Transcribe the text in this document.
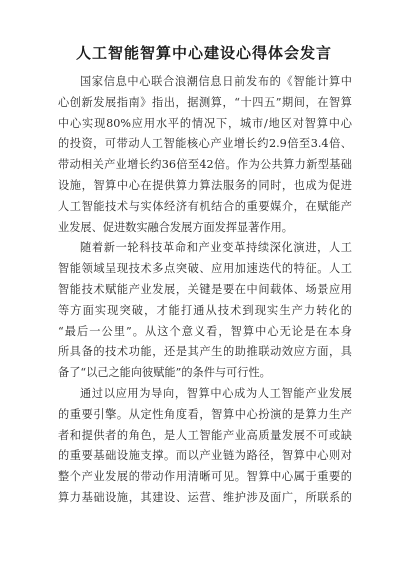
人工智能智算中心建设心得体会发言

国家信息中心联合浪潮信息日前发布的《智能计算中

心创新发展指南》指出，据测算，“十四五”期间，在智算

中心实现80%应用水平的情况下，城市/地区对智算中心

的投资，可带动人工智能核心产业增长约2.9倍至3.4倍、

带动相关产业增长约36倍至42倍。作为公共算力新型基础

设施，智算中心在提供算力算法服务的同时，也成为促进

人工智能技术与实体经济有机结合的重要媒介，在赋能产

业发展、促进数实融合发展方面发挥显著作用。

随着新一轮科技革命和产业变革持续深化演进，人工

智能领域呈现技术多点突破、应用加速迭代的特征。人工

智能技术赋能产业发展，关键是要在中间载体、场景应用

等方面实现突破，才能打通从技术到现实生产力转化的

“最后一公里”。从这个意义看，智算中心无论是在本身

所具备的技术功能，还是其产生的助推联动效应方面，具

备了“以己之能向彼赋能”的条件与可行性。

通过以应用为导向，智算中心成为人工智能产业发展

的重要引擎。从定性角度看，智算中心扮演的是算力生产

者和提供者的角色，是人工智能产业高质量发展不可或缺

的重要基础设施支撑。而以产业链为路径，智算中心则对

整个产业发展的带动作用清晰可见。智算中心属于重要的

算力基础设施，其建设、运营、维护涉及面广，所联系的
